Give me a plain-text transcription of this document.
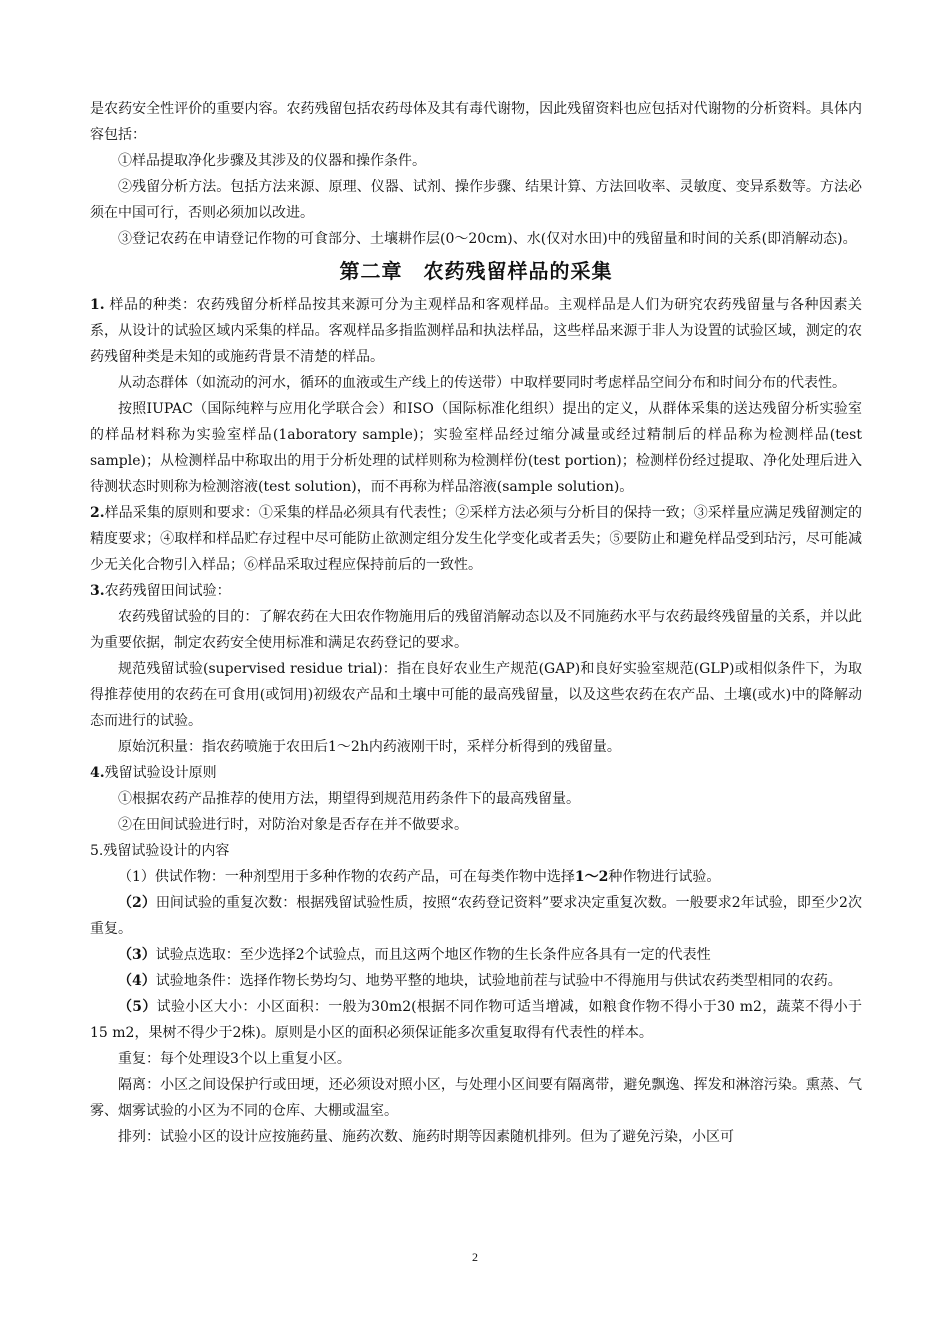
是农药安全性评价的重要内容。农药残留包括农药母体及其有毒代谢物，因此残留资料也应包括对代谢物的分析资料。具体内容包括：

①样品提取净化步骤及其涉及的仪器和操作条件。

②残留分析方法。包括方法来源、原理、仪器、试剂、操作步骤、结果计算、方法回收率、灵敏度、变异系数等。方法必须在中国可行，否则必须加以改进。

③登记农药在申请登记作物的可食部分、土壤耕作层(0～20cm)、水(仅对水田)中的残留量和时间的关系(即消解动态)。

第二章　农药残留样品的采集

1. 样品的种类：农药残留分析样品按其来源可分为主观样品和客观样品。主观样品是人们为研究农药残留量与各种因素关系，从设计的试验区域内采集的样品。客观样品多指监测样品和执法样品，这些样品来源于非人为设置的试验区域，测定的农药残留种类是未知的或施药背景不清楚的样品。

从动态群体（如流动的河水，循环的血液或生产线上的传送带）中取样要同时考虑样品空间分布和时间分布的代表性。

按照IUPAC（国际纯粹与应用化学联合会）和ISO（国际标准化组织）提出的定义，从群体采集的送达残留分析实验室的样品材料称为实验室样品(1aboratory sample)；实验室样品经过缩分减量或经过精制后的样品称为检测样品(test　sample)；从检测样品中称取出的用于分析处理的试样则称为检测样份(test portion)；检测样份经过提取、净化处理后进入待测状态时则称为检测溶液(test solution)，而不再称为样品溶液(sample solution)。

2.样品采集的原则和要求：①采集的样品必须具有代表性；②采样方法必须与分析目的保持一致；③采样量应满足残留测定的精度要求；④取样和样品贮存过程中尽可能防止欲测定组分发生化学变化或者丢失；⑤要防止和避免样品受到玷污，尽可能减少无关化合物引入样品；⑥样品采取过程应保持前后的一致性。

3.农药残留田间试验：

农药残留试验的目的：了解农药在大田农作物施用后的残留消解动态以及不同施药水平与农药最终残留量的关系，并以此为重要依据，制定农药安全使用标准和满足农药登记的要求。

规范残留试验(supervised residue trial)：指在良好农业生产规范(GAP)和良好实验室规范(GLP)或相似条件下，为取得推荐使用的农药在可食用(或饲用)初级农产品和土壤中可能的最高残留量，以及这些农药在农产品、土壤(或水)中的降解动态而进行的试验。

原始沉积量：指农药喷施于农田后1～2h内药液刚干时，采样分析得到的残留量。

4.残留试验设计原则

①根据农药产品推荐的使用方法，期望得到规范用药条件下的最高残留量。

②在田间试验进行时，对防治对象是否存在并不做要求。

5.残留试验设计的内容

（1）供试作物：一种剂型用于多种作物的农药产品，可在每类作物中选择1～2种作物进行试验。

（2）田间试验的重复次数：根据残留试验性质，按照“农药登记资料”要求决定重复次数。一般要求2年试验，即至少2次重复。

（3）试验点选取：至少选择2个试验点，而且这两个地区作物的生长条件应各具有一定的代表性

（4）试验地条件：选择作物长势均匀、地势平整的地块，试验地前茬与试验中不得施用与供试农药类型相同的农药。

（5）试验小区大小：小区面积：一般为30m2(根据不同作物可适当增减，如粮食作物不得小于30 m2，蔬菜不得小于15 m2，果树不得少于2株)。原则是小区的面积必须保证能多次重复取得有代表性的样本。

重复：每个处理设3个以上重复小区。

隔离：小区之间设保护行或田埂，还必须设对照小区，与处理小区间要有隔离带，避免飘逸、挥发和淋溶污染。熏蒸、气雾、烟雾试验的小区为不同的仓库、大棚或温室。

排列：试验小区的设计应按施药量、施药次数、施药时期等因素随机排列。但为了避免污染，小区可

2
